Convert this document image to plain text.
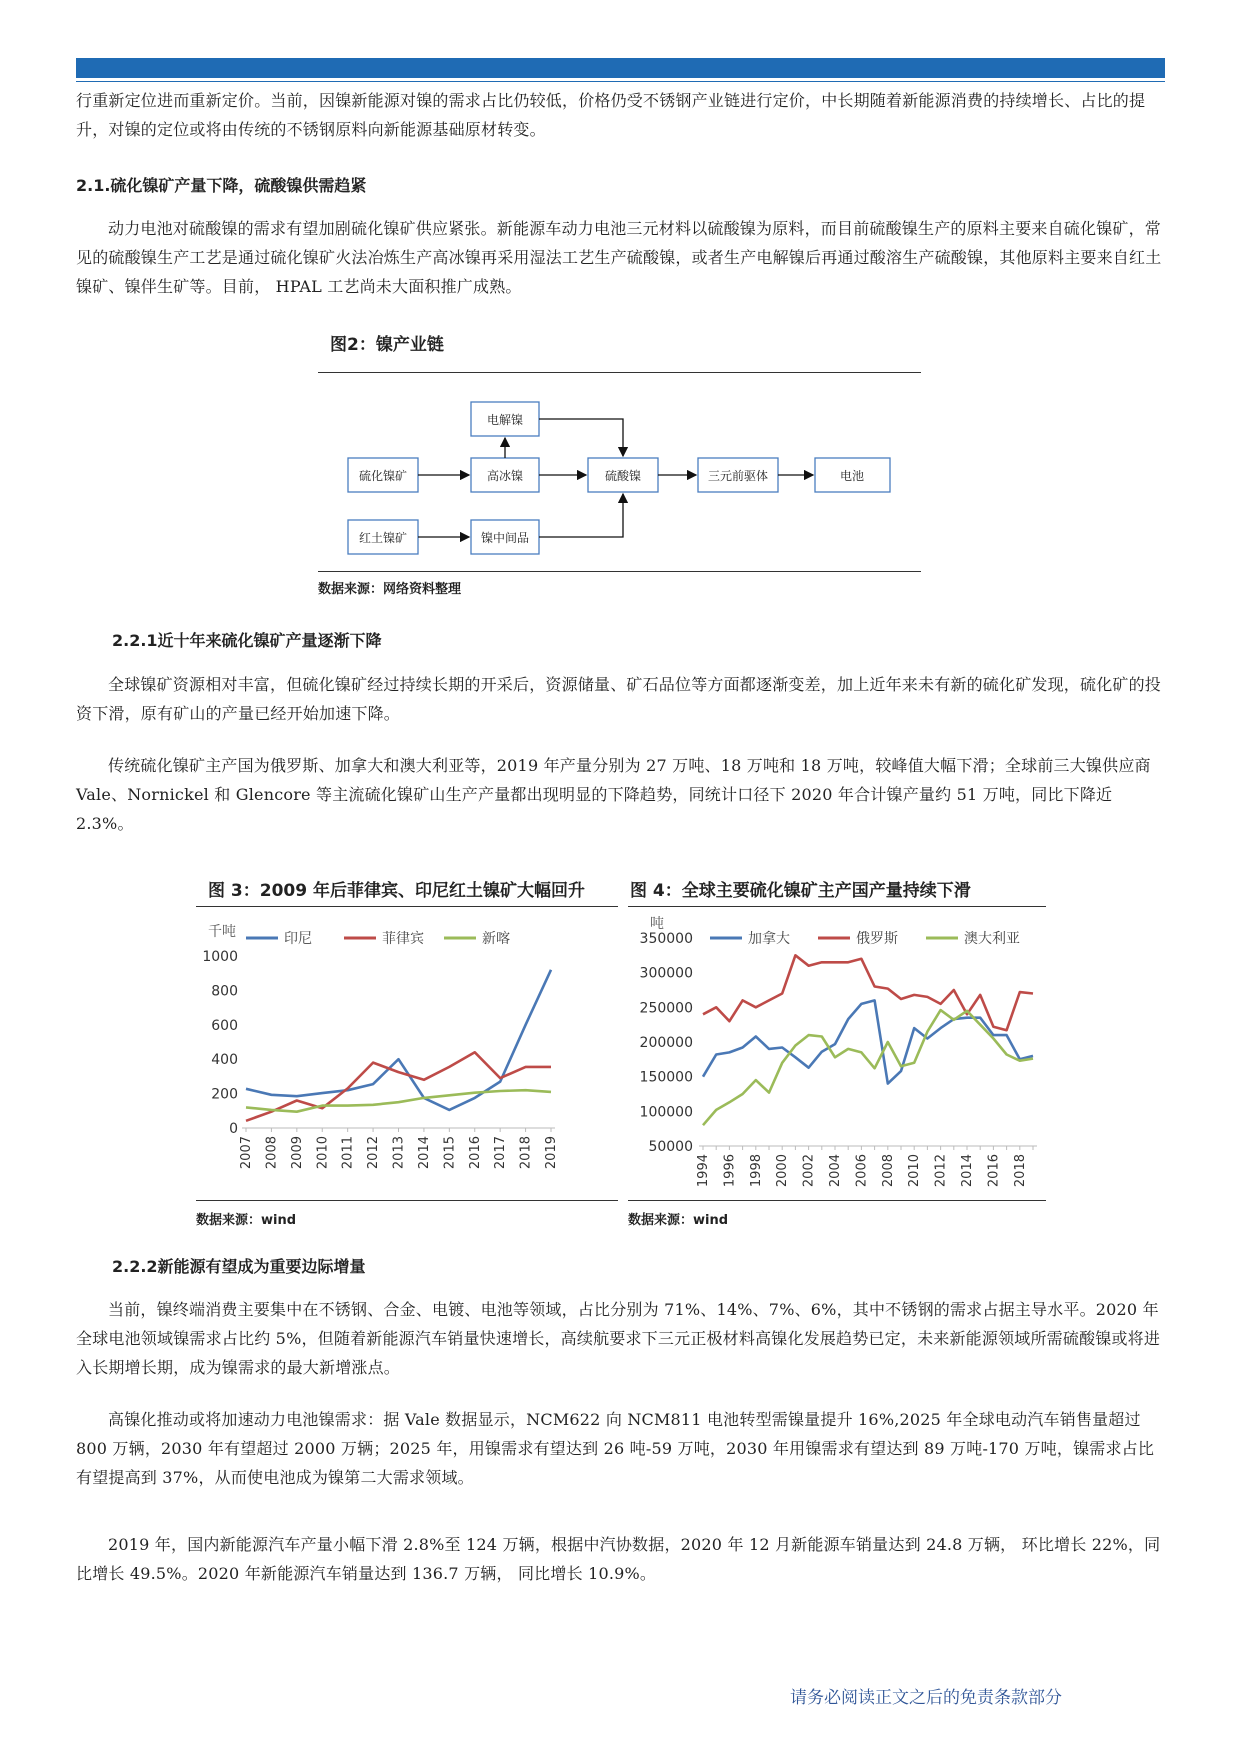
行重新定位进而重新定价。当前，因镍新能源对镍的需求占比仍较低，价格仍受不锈钢产业链进行定价，中长期随着新能源消费的持续增长、占比的提升，对镍的定位或将由传统的不锈钢原料向新能源基础原材转变。

2.1.硫化镍矿产量下降，硫酸镍供需趋紧

动力电池对硫酸镍的需求有望加剧硫化镍矿供应紧张。新能源车动力电池三元材料以硫酸镍为原料，而目前硫酸镍生产的原料主要来自硫化镍矿，常见的硫酸镍生产工艺是通过硫化镍矿火法冶炼生产高冰镍再采用湿法工艺生产硫酸镍，或者生产电解镍后再通过酸溶生产硫酸镍，其他原料主要来自红土镍矿、镍伴生矿等。目前， HPAL 工艺尚未大面积推广成熟。

图2：镍产业链
电解镍
硫化镍矿	高冰镍	硫酸镍	三元前驱体	电池
红土镍矿	镍中间品
数据来源：网络资料整理
2.2.1近十年来硫化镍矿产量逐渐下降

全球镍矿资源相对丰富，但硫化镍矿经过持续长期的开采后，资源储量、矿石品位等方面都逐渐变差，加上近年来未有新的硫化矿发现，硫化矿的投资下滑，原有矿山的产量已经开始加速下降。

传统硫化镍矿主产国为俄罗斯、加拿大和澳大利亚等，2019 年产量分别为 27 万吨、18 万吨和 18 万吨，较峰值大幅下滑；全球前三大镍供应商 Vale、Nornickel 和 Glencore 等主流硫化镍矿山生产产量都出现明显的下降趋势，同统计口径下 2020 年合计镍产量约 51 万吨，同比下降近 2.3%。

图 3：2009 年后菲律宾、印尼红土镍矿大幅回升	图 4：全球主要硫化镍矿主产国产量持续下滑
千吨	印尼	菲律宾	新喀
0
200
400
600
800
1000
2007 2008 2009 2010 2011 2012 2013 2014 2015 2016 2017 2018 2019
吨
加拿大	俄罗斯	澳大利亚
50000
100000
150000
200000
250000
300000
350000
1994 1996 1998 2000 2002 2004 2006 2008 2010 2012 2014 2016 2018
数据来源：wind	数据来源：wind
2.2.2新能源有望成为重要边际增量

当前，镍终端消费主要集中在不锈钢、合金、电镀、电池等领域，占比分别为 71%、14%、7%、6%，其中不锈钢的需求占据主导水平。2020 年全球电池领域镍需求占比约 5%，但随着新能源汽车销量快速增长，高续航要求下三元正极材料高镍化发展趋势已定，未来新能源领域所需硫酸镍或将进入长期增长期，成为镍需求的最大新增涨点。

高镍化推动或将加速动力电池镍需求：据 Vale 数据显示，NCM622 向 NCM811 电池转型需镍量提升 16%,2025 年全球电动汽车销售量超过 800 万辆，2030 年有望超过 2000 万辆；2025 年，用镍需求有望达到 26 吨-59 万吨，2030 年用镍需求有望达到 89 万吨-170 万吨，镍需求占比有望提高到 37%，从而使电池成为镍第二大需求领域。

2019 年，国内新能源汽车产量小幅下滑 2.8%至 124 万辆，根据中汽协数据，2020 年 12 月新能源车销量达到 24.8 万辆， 环比增长 22%，同比增长 49.5%。2020 年新能源汽车销量达到 136.7 万辆， 同比增长 10.9%。

请务必阅读正文之后的免责条款部分
